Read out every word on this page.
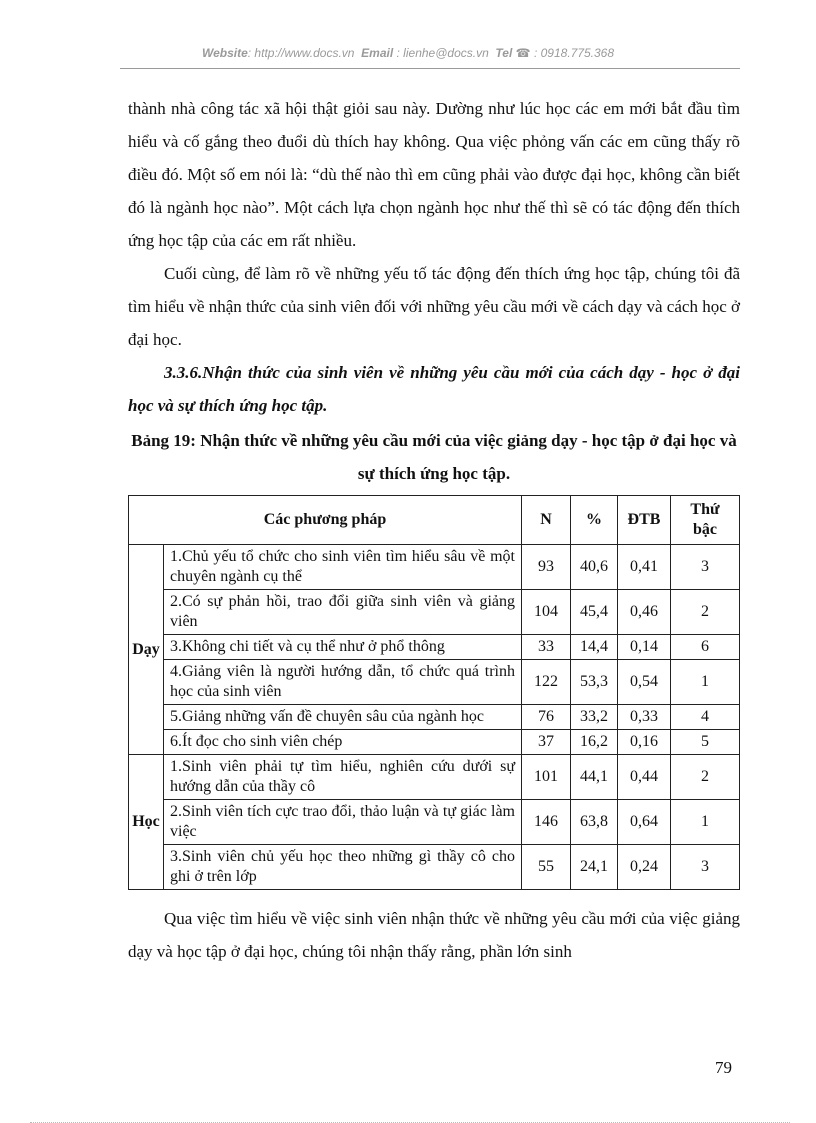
Website: http://www.docs.vn Email : lienhe@docs.vn Tel ☎ : 0918.775.368

thành nhà công tác xã hội thật giỏi sau này. Dường như lúc học các em mới bắt đầu tìm hiểu và cố gắng theo đuổi dù thích hay không. Qua việc phỏng vấn các em cũng thấy rõ điều đó. Một số em nói là: “dù thế nào thì em cũng phải vào được đại học, không cần biết đó là ngành học nào”. Một cách lựa chọn ngành học như thế thì sẽ có tác động đến thích ứng học tập của các em rất nhiều.

Cuối cùng, để làm rõ về những yếu tố tác động đến thích ứng học tập, chúng tôi đã tìm hiểu về nhận thức của sinh viên đối với những yêu cầu mới về cách dạy và cách học ở đại học.

3.3.6.Nhận thức của sinh viên về những yêu cầu mới của cách dạy - học ở đại học và sự thích ứng học tập.

Bảng 19: Nhận thức về những yêu cầu mới của việc giảng dạy - học tập ở đại học và sự thích ứng học tập.

Các phương pháp		N	%	ĐTB	Thứ bậc
Dạy	1.Chủ yếu tổ chức cho sinh viên tìm hiểu sâu về một chuyên ngành cụ thể	93	40,6	0,41	3
	2.Có sự phản hồi, trao đổi giữa sinh viên và giảng viên	104	45,4	0,46	2
	3.Không chi tiết và cụ thể như ở phổ thông	33	14,4	0,14	6
	4.Giảng viên là người hướng dẫn, tổ chức quá trình học của sinh viên	122	53,3	0,54	1
	5.Giảng những vấn đề chuyên sâu của ngành học	76	33,2	0,33	4
	6.Ít đọc cho sinh viên chép	37	16,2	0,16	5
Học	1.Sinh viên phải tự tìm hiểu, nghiên cứu dưới sự hướng dẫn của thầy cô	101	44,1	0,44	2
	2.Sinh viên tích cực trao đổi, thảo luận và tự giác làm việc	146	63,8	0,64	1
	3.Sinh viên chủ yếu học theo những gì thầy cô cho ghi ở trên lớp	55	24,1	0,24	3

Qua việc tìm hiểu về việc sinh viên nhận thức về những yêu cầu mới của việc giảng dạy và học tập ở đại học, chúng tôi nhận thấy rằng, phần lớn sinh

79
